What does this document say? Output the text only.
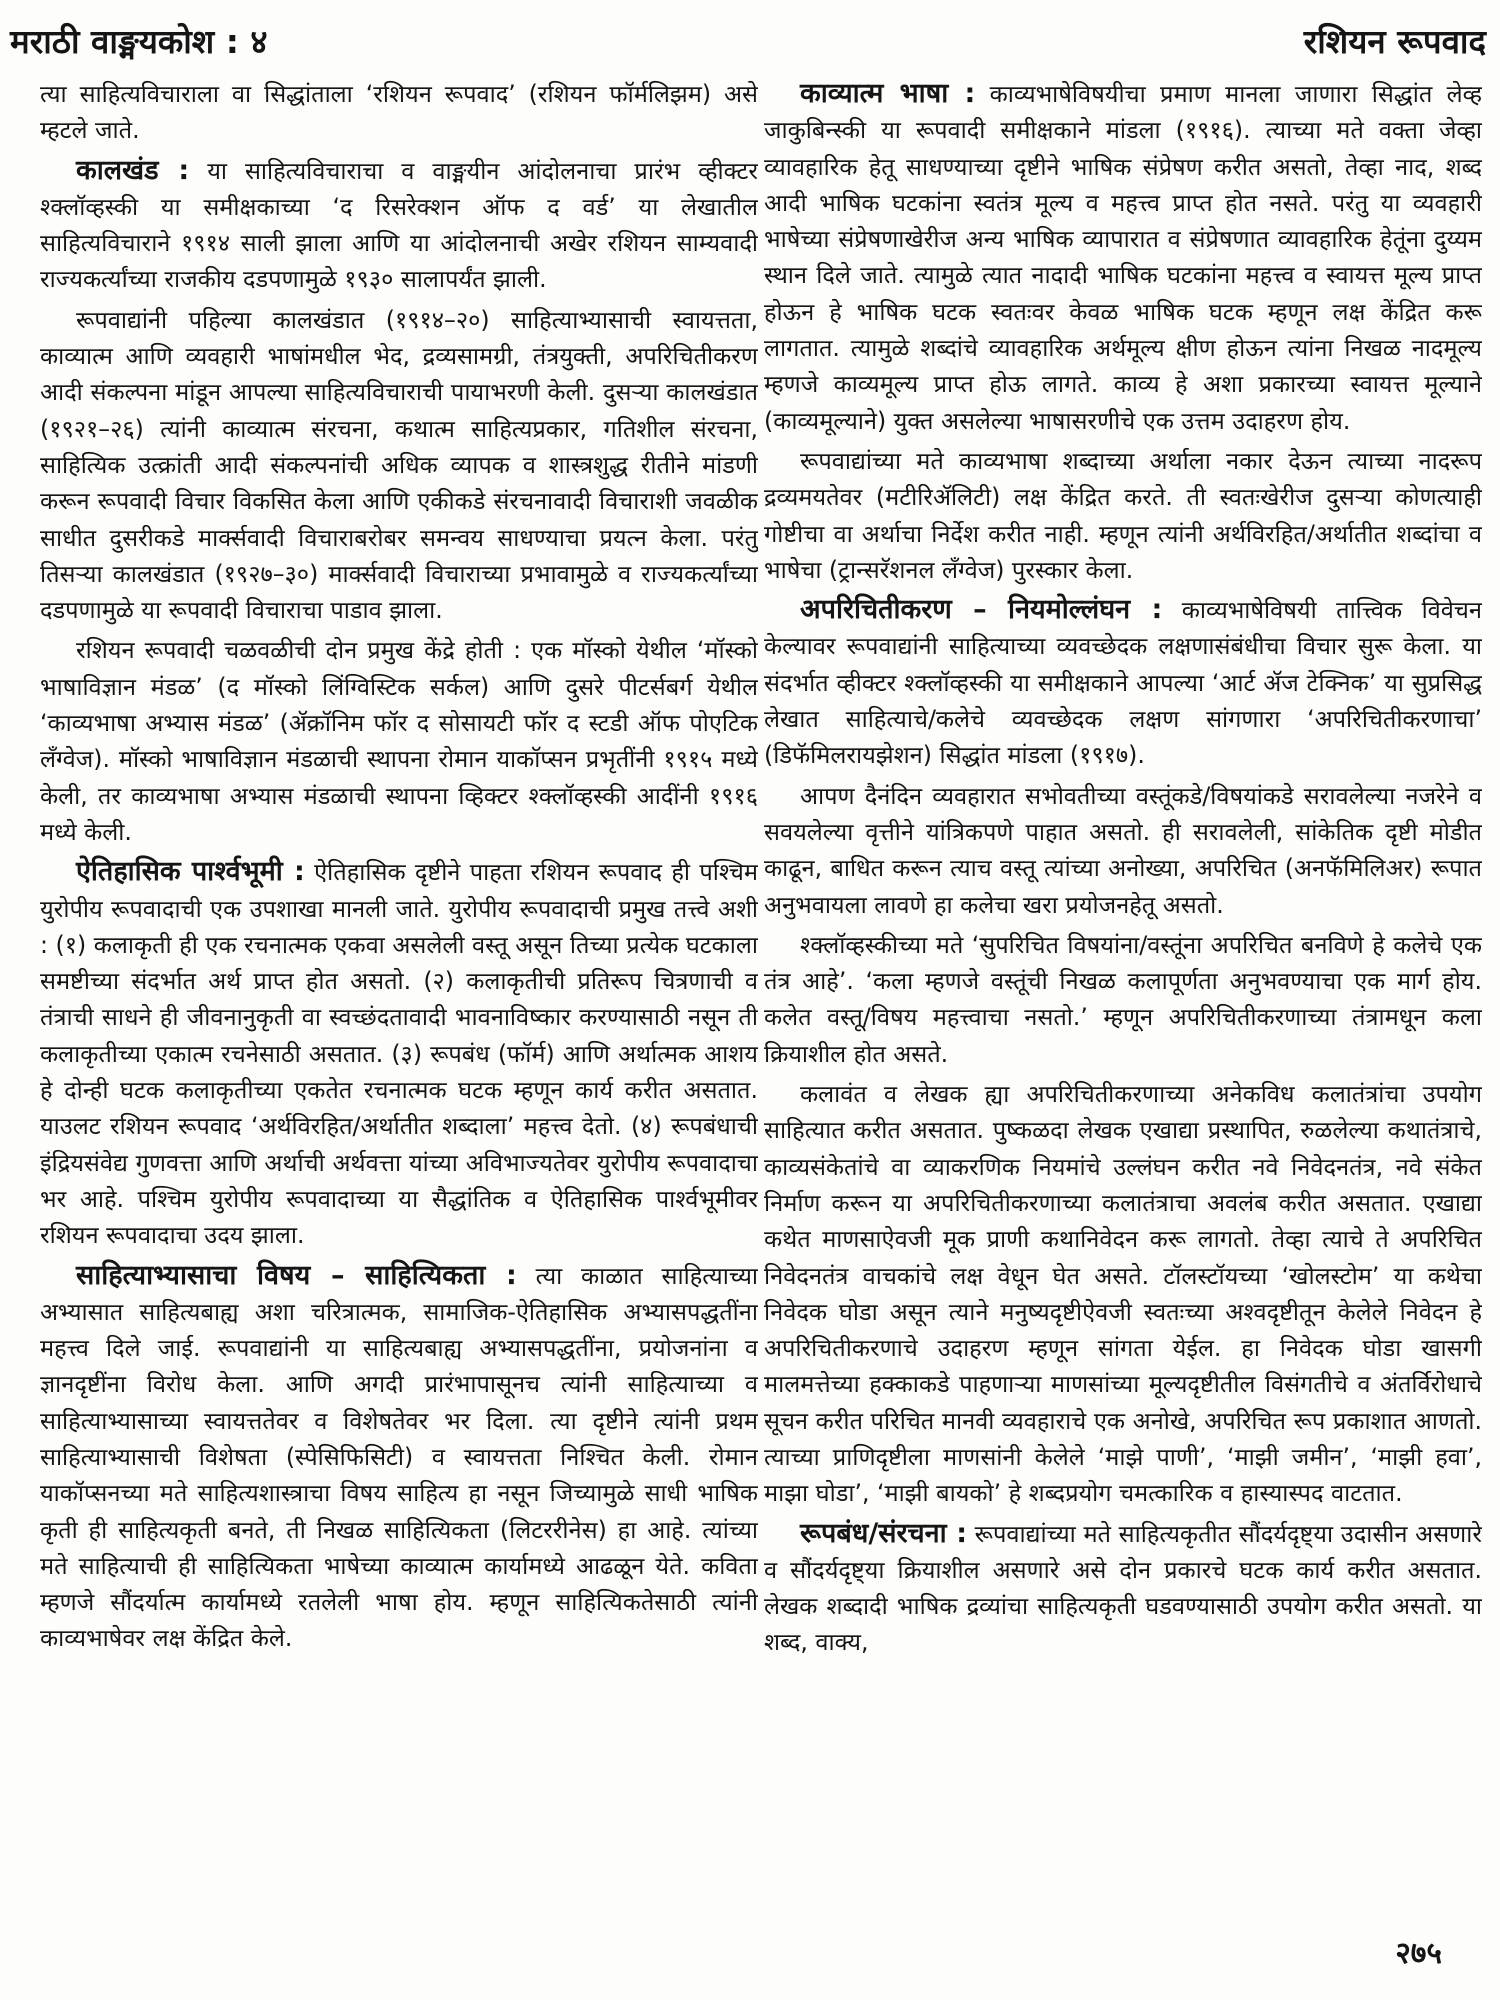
मराठी वाङ्मयकोश : ४	रशियन रूपवाद

त्या साहित्यविचाराला वा सिद्धांताला ‘रशियन रूपवाद’ (रशियन फॉर्मलिझम) असे म्हटले जाते.

कालखंड : या साहित्यविचाराचा व वाङ्मयीन आंदोलनाचा प्रारंभ व्हीक्टर श्क्लॉव्हस्की या समीक्षकाच्या ‘द रिसरेक्शन ऑफ द वर्ड’ या लेखातील साहित्यविचाराने १९१४ साली झाला आणि या आंदोलनाची अखेर रशियन साम्यवादी राज्यकर्त्यांच्या राजकीय दडपणामुळे १९३० सालापर्यंत झाली.

रूपवाद्यांनी पहिल्या कालखंडात (१९१४–२०) साहित्याभ्यासाची स्वायत्तता, काव्यात्म आणि व्यवहारी भाषांमधील भेद, द्रव्यसामग्री, तंत्रयुक्ती, अपरिचितीकरण आदी संकल्पना मांडून आपल्या साहित्यविचाराची पायाभरणी केली. दुसऱ्या कालखंडात (१९२१–२६) त्यांनी काव्यात्म संरचना, कथात्म साहित्यप्रकार, गतिशील संरचना, साहित्यिक उत्क्रांती आदी संकल्पनांची अधिक व्यापक व शास्त्रशुद्ध रीतीने मांडणी करून रूपवादी विचार विकसित केला आणि एकीकडे संरचनावादी विचाराशी जवळीक साधीत दुसरीकडे मार्क्सवादी विचाराबरोबर समन्वय साधण्याचा प्रयत्न केला. परंतु तिसऱ्या कालखंडात (१९२७–३०) मार्क्सवादी विचाराच्या प्रभावामुळे व राज्यकर्त्यांच्या दडपणामुळे या रूपवादी विचाराचा पाडाव झाला.

रशियन रूपवादी चळवळीची दोन प्रमुख केंद्रे होती : एक मॉस्को येथील ‘मॉस्को भाषाविज्ञान मंडळ’ (द मॉस्को लिंग्विस्टिक सर्कल) आणि दुसरे पीटर्सबर्ग येथील ‘काव्यभाषा अभ्यास मंडळ’ (ॲक्रॉनिम फॉर द सोसायटी फॉर द स्टडी ऑफ पोएटिक लँग्वेज). मॉस्को भाषाविज्ञान मंडळाची स्थापना रोमान याकॉप्सन प्रभृतींनी १९१५ मध्ये केली, तर काव्यभाषा अभ्यास मंडळाची स्थापना व्हिक्टर श्क्लॉव्हस्की आदींनी १९१६ मध्ये केली.

ऐतिहासिक पार्श्वभूमी : ऐतिहासिक दृष्टीने पाहता रशियन रूपवाद ही पश्चिम युरोपीय रूपवादाची एक उपशाखा मानली जाते. युरोपीय रूपवादाची प्रमुख तत्त्वे अशी : (१) कलाकृती ही एक रचनात्मक एकवा असलेली वस्तू असून तिच्या प्रत्येक घटकाला समष्टीच्या संदर्भात अर्थ प्राप्त होत असतो. (२) कलाकृतीची प्रतिरूप चित्रणाची व तंत्राची साधने ही जीवनानुकृती वा स्वच्छंदतावादी भावनाविष्कार करण्यासाठी नसून ती कलाकृतीच्या एकात्म रचनेसाठी असतात. (३) रूपबंध (फॉर्म) आणि अर्थात्मक आशय हे दोन्ही घटक कलाकृतीच्या एकतेत रचनात्मक घटक म्हणून कार्य करीत असतात. याउलट रशियन रूपवाद ‘अर्थविरहित/अर्थातीत शब्दाला’ महत्त्व देतो. (४) रूपबंधाची इंद्रियसंवेद्य गुणवत्ता आणि अर्थाची अर्थवत्ता यांच्या अविभाज्यतेवर युरोपीय रूपवादाचा भर आहे. पश्चिम युरोपीय रूपवादाच्या या सैद्धांतिक व ऐतिहासिक पार्श्वभूमीवर रशियन रूपवादाचा उदय झाला.

साहित्याभ्यासाचा विषय – साहित्यिकता : त्या काळात साहित्याच्या अभ्यासात साहित्यबाह्य अशा चरित्रात्मक, सामाजिक-ऐतिहासिक अभ्यासपद्धतींना महत्त्व दिले जाई. रूपवाद्यांनी या साहित्यबाह्य अभ्यासपद्धतींना, प्रयोजनांना व ज्ञानदृष्टींना विरोध केला. आणि अगदी प्रारंभापासूनच त्यांनी साहित्याच्या व साहित्याभ्यासाच्या स्वायत्ततेवर व विशेषतेवर भर दिला. त्या दृष्टीने त्यांनी प्रथम साहित्याभ्यासाची विशेषता (स्पेसिफिसिटी) व स्वायत्तता निश्चित केली. रोमान याकॉप्सनच्या मते साहित्यशास्त्राचा विषय साहित्य हा नसून जिच्यामुळे साधी भाषिक कृती ही साहित्यकृती बनते, ती निखळ साहित्यिकता (लिटररीनेस) हा आहे. त्यांच्या मते साहित्याची ही साहित्यिकता भाषेच्या काव्यात्म कार्यामध्ये आढळून येते. कविता म्हणजे सौंदर्यात्म कार्यामध्ये रतलेली भाषा होय. म्हणून साहित्यिकतेसाठी त्यांनी काव्यभाषेवर लक्ष केंद्रित केले.

काव्यात्म भाषा : काव्यभाषेविषयीचा प्रमाण मानला जाणारा सिद्धांत लेव्ह जाकुबिन्स्की या रूपवादी समीक्षकाने मांडला (१९१६). त्याच्या मते वक्ता जेव्हा व्यावहारिक हेतू साधण्याच्या दृष्टीने भाषिक संप्रेषण करीत असतो, तेव्हा नाद, शब्द आदी भाषिक घटकांना स्वतंत्र मूल्य व महत्त्व प्राप्त होत नसते. परंतु या व्यवहारी भाषेच्या संप्रेषणाखेरीज अन्य भाषिक व्यापारात व संप्रेषणात व्यावहारिक हेतूंना दुय्यम स्थान दिले जाते. त्यामुळे त्यात नादादी भाषिक घटकांना महत्त्व व स्वायत्त मूल्य प्राप्त होऊन हे भाषिक घटक स्वतःवर केवळ भाषिक घटक म्हणून लक्ष केंद्रित करू लागतात. त्यामुळे शब्दांचे व्यावहारिक अर्थमूल्य क्षीण होऊन त्यांना निखळ नादमूल्य म्हणजे काव्यमूल्य प्राप्त होऊ लागते. काव्य हे अशा प्रकारच्या स्वायत्त मूल्याने (काव्यमूल्याने) युक्त असलेल्या भाषासरणीचे एक उत्तम उदाहरण होय.

रूपवाद्यांच्या मते काव्यभाषा शब्दाच्या अर्थाला नकार देऊन त्याच्या नादरूप द्रव्यमयतेवर (मटीरिॲलिटी) लक्ष केंद्रित करते. ती स्वतःखेरीज दुसऱ्या कोणत्याही गोष्टीचा वा अर्थाचा निर्देश करीत नाही. म्हणून त्यांनी अर्थविरहित/अर्थातीत शब्दांचा व भाषेचा (ट्रान्सरॅशनल लँग्वेज) पुरस्कार केला.

अपरिचितीकरण – नियमोल्लंघन : काव्यभाषेविषयी तात्त्विक विवेचन केल्यावर रूपवाद्यांनी साहित्याच्या व्यवच्छेदक लक्षणासंबंधीचा विचार सुरू केला. या संदर्भात व्हीक्टर श्क्लॉव्हस्की या समीक्षकाने आपल्या ‘आर्ट ॲज टेक्निक’ या सुप्रसिद्ध लेखात साहित्याचे/कलेचे व्यवच्छेदक लक्षण सांगणारा ‘अपरिचितीकरणाचा’ (डिफॅमिलरायझेशन) सिद्धांत मांडला (१९१७).

आपण दैनंदिन व्यवहारात सभोवतीच्या वस्तूंकडे/विषयांकडे सरावलेल्या नजरेने व सवयलेल्या वृत्तीने यांत्रिकपणे पाहात असतो. ही सरावलेली, सांकेतिक दृष्टी मोडीत काढून, बाधित करून त्याच वस्तू त्यांच्या अनोख्या, अपरिचित (अनफॅमिलिअर) रूपात अनुभवायला लावणे हा कलेचा खरा प्रयोजनहेतू असतो.

श्क्लॉव्हस्कीच्या मते ‘सुपरिचित विषयांना/वस्तूंना अपरिचित बनविणे हे कलेचे एक तंत्र आहे’. ‘कला म्हणजे वस्तूंची निखळ कलापूर्णता अनुभवण्याचा एक मार्ग होय. कलेत वस्तू/विषय महत्त्वाचा नसतो.’ म्हणून अपरिचितीकरणाच्या तंत्रामधून कला क्रियाशील होत असते.

कलावंत व लेखक ह्या अपरिचितीकरणाच्या अनेकविध कलातंत्रांचा उपयोग साहित्यात करीत असतात. पुष्कळदा लेखक एखाद्या प्रस्थापित, रुळलेल्या कथातंत्राचे, काव्यसंकेतांचे वा व्याकरणिक नियमांचे उल्लंघन करीत नवे निवेदनतंत्र, नवे संकेत निर्माण करून या अपरिचितीकरणाच्या कलातंत्राचा अवलंब करीत असतात. एखाद्या कथेत माणसाऐवजी मूक प्राणी कथानिवेदन करू लागतो. तेव्हा त्याचे ते अपरिचित निवेदनतंत्र वाचकांचे लक्ष वेधून घेत असते. टॉलस्टॉयच्या ‘खोलस्टोम’ या कथेचा निवेदक घोडा असून त्याने मनुष्यदृष्टीऐवजी स्वतःच्या अश्वदृष्टीतून केलेले निवेदन हे अपरिचितीकरणाचे उदाहरण म्हणून सांगता येईल. हा निवेदक घोडा खासगी मालमत्तेच्या हक्काकडे पाहणाऱ्या माणसांच्या मूल्यदृष्टीतील विसंगतीचे व अंतर्विरोधाचे सूचन करीत परिचित मानवी व्यवहाराचे एक अनोखे, अपरिचित रूप प्रकाशात आणतो. त्याच्या प्राणिदृष्टीला माणसांनी केलेले ‘माझे पाणी’, ‘माझी जमीन’, ‘माझी हवा’, माझा घोडा’, ‘माझी बायको’ हे शब्दप्रयोग चमत्कारिक व हास्यास्पद वाटतात.

रूपबंध/संरचना : रूपवाद्यांच्या मते साहित्यकृतीत सौंदर्यदृष्ट्या उदासीन असणारे व सौंदर्यदृष्ट्या क्रियाशील असणारे असे दोन प्रकारचे घटक कार्य करीत असतात. लेखक शब्दादी भाषिक द्रव्यांचा साहित्यकृती घडवण्यासाठी उपयोग करीत असतो. या शब्द, वाक्य,

२७५
